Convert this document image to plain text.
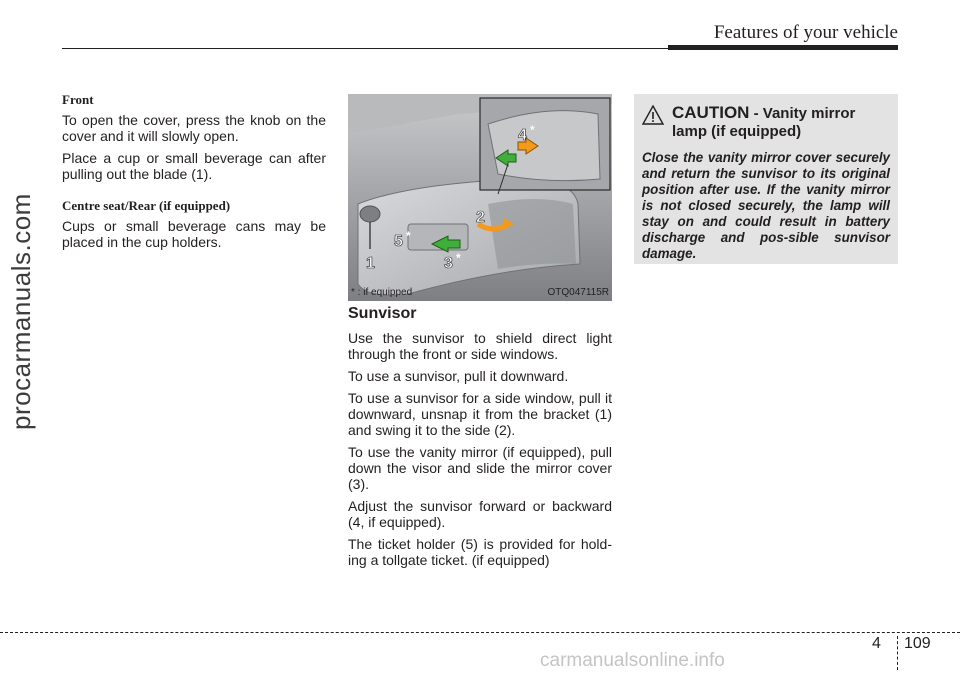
Features of your vehicle
procarmanuals.com
Front

To open the cover, press the knob on the cover and it will slowly open.

Place a cup or small beverage can after pulling out the blade (1).

Centre seat/Rear (if equipped)

Cups or small beverage cans may be placed in the cup holders.

1
2
3 *
4 *
5 *
* : if equipped	OTQ047115R
Sunvisor

Use the sunvisor to shield direct light through the front or side windows.

To use a sunvisor, pull it downward.

To use a sunvisor for a side window, pull it downward, unsnap it from the bracket (1) and swing it to the side (2).

To use the vanity mirror (if equipped), pull down the visor and slide the mirror cover (3).

Adjust the sunvisor forward or backward (4, if equipped).

The ticket holder (5) is provided for hold-ing a tollgate ticket. (if equipped)

CAUTION - Vanity mirror lamp (if equipped)
Close the vanity mirror cover securely and return the sunvisor to its original position after use. If the vanity mirror is not closed securely, the lamp will stay on and could result in battery discharge and pos-sible sunvisor damage.
4 109
carmanualsonline.info
